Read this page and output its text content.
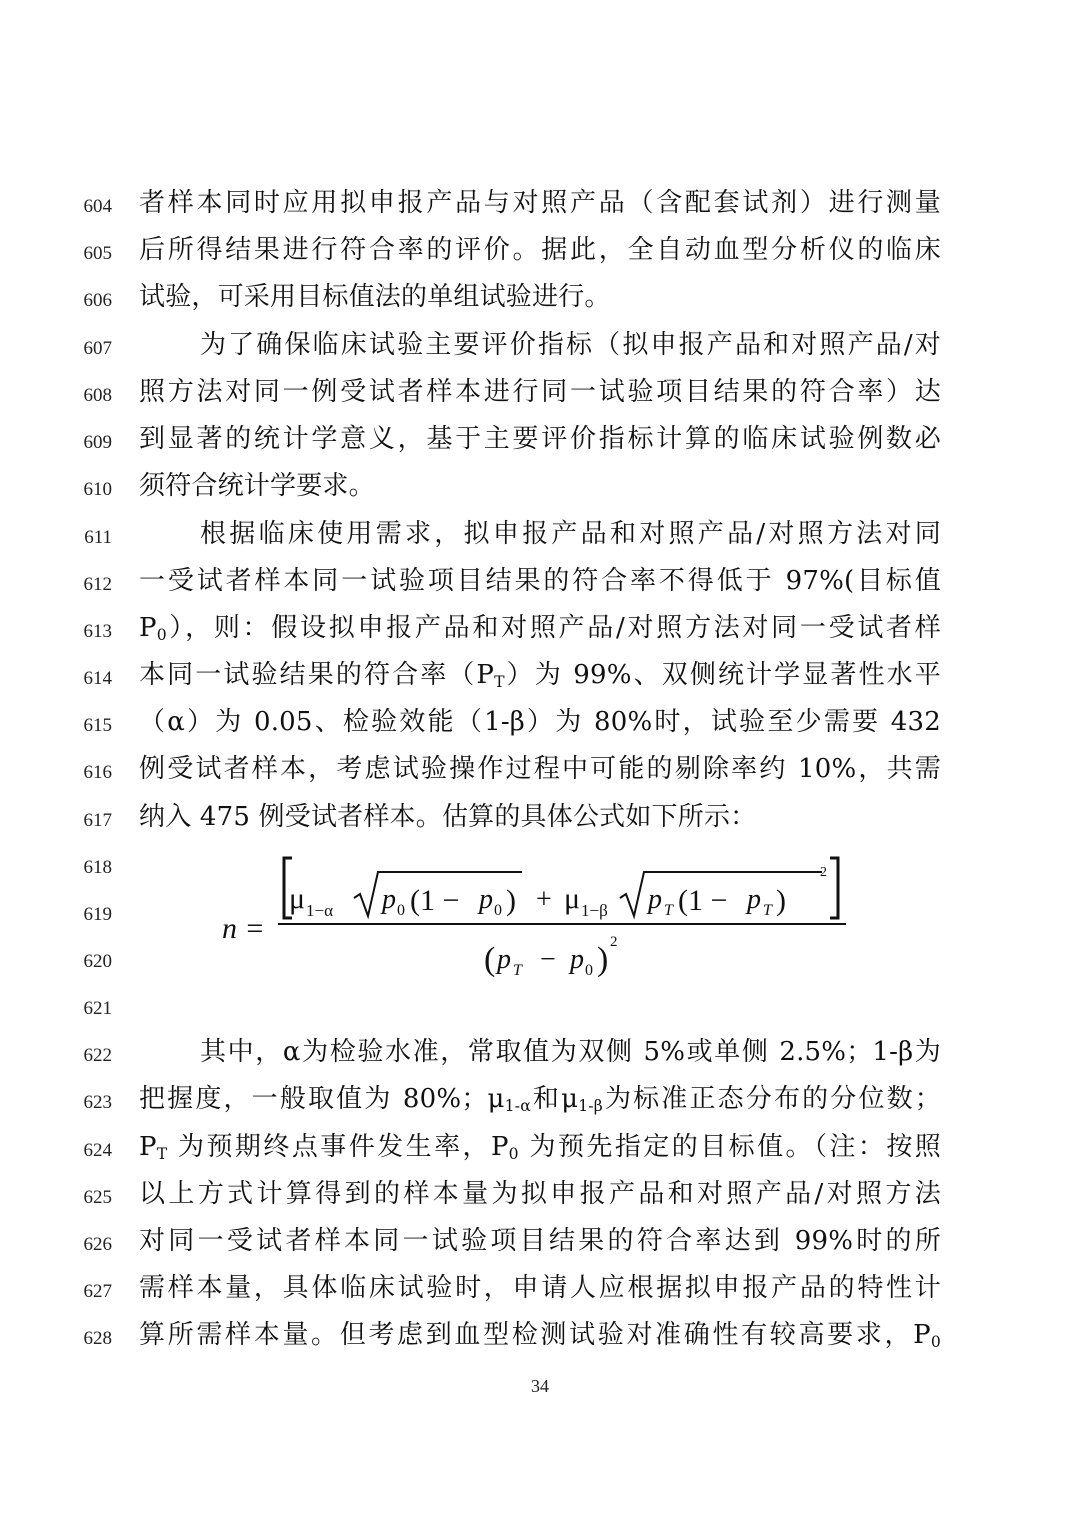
604
605
606
607
608
609
610
611
612
613
614
615
616
617
618
619
620
621
622
623
624
625
626
627
628
者样本同时应用拟申报产品与对照产品（含配套试剂）进行测量
后所得结果进行符合率的评价。据此，全自动血型分析仪的临床
试验，可采用目标值法的单组试验进行。
为了确保临床试验主要评价指标（拟申报产品和对照产品/对
照方法对同一例受试者样本进行同一试验项目结果的符合率）达
到显著的统计学意义，基于主要评价指标计算的临床试验例数必
须符合统计学要求。
根据临床使用需求，拟申报产品和对照产品/对照方法对同
一受试者样本同一试验项目结果的符合率不得低于 97%(目标值
$P_0$），则：假设拟申报产品和对照产品/对照方法对同一受试者样
本同一试验结果的符合率$(P_T)$为 99%、双侧统计学显著性水平
（α）为 0.05、检验效能（1-β）为 80%时，试验至少需要 432
例受试者样本，考虑试验操作过程中可能的剔除率约 10%，共需
纳入 475 例受试者样本。估算的具体公式如下所示：
n =
μ 1−α p 0 (1 − p 0 ) + μ 1−β p T (1 − p T )
2
( p T − p 0 ) 2
其中，α为检验水准，常取值为双侧 5%或单侧 2.5%；1-β为
把握度，一般取值为 80%；$\mu_{1-\alpha}$和$\mu_{1-\beta}$为标准正态分布的分位数；
$P_T$ 为预期终点事件发生率，$P_0$ 为预先指定的目标值。（注：按照
以上方式计算得到的样本量为拟申报产品和对照产品/对照方法
对同一受试者样本同一试验项目结果的符合率达到 99%时的所
需样本量，具体临床试验时，申请人应根据拟申报产品的特性计
算所需样本量。但考虑到血型检测试验对准确性有较高要求，$P_0$
34
